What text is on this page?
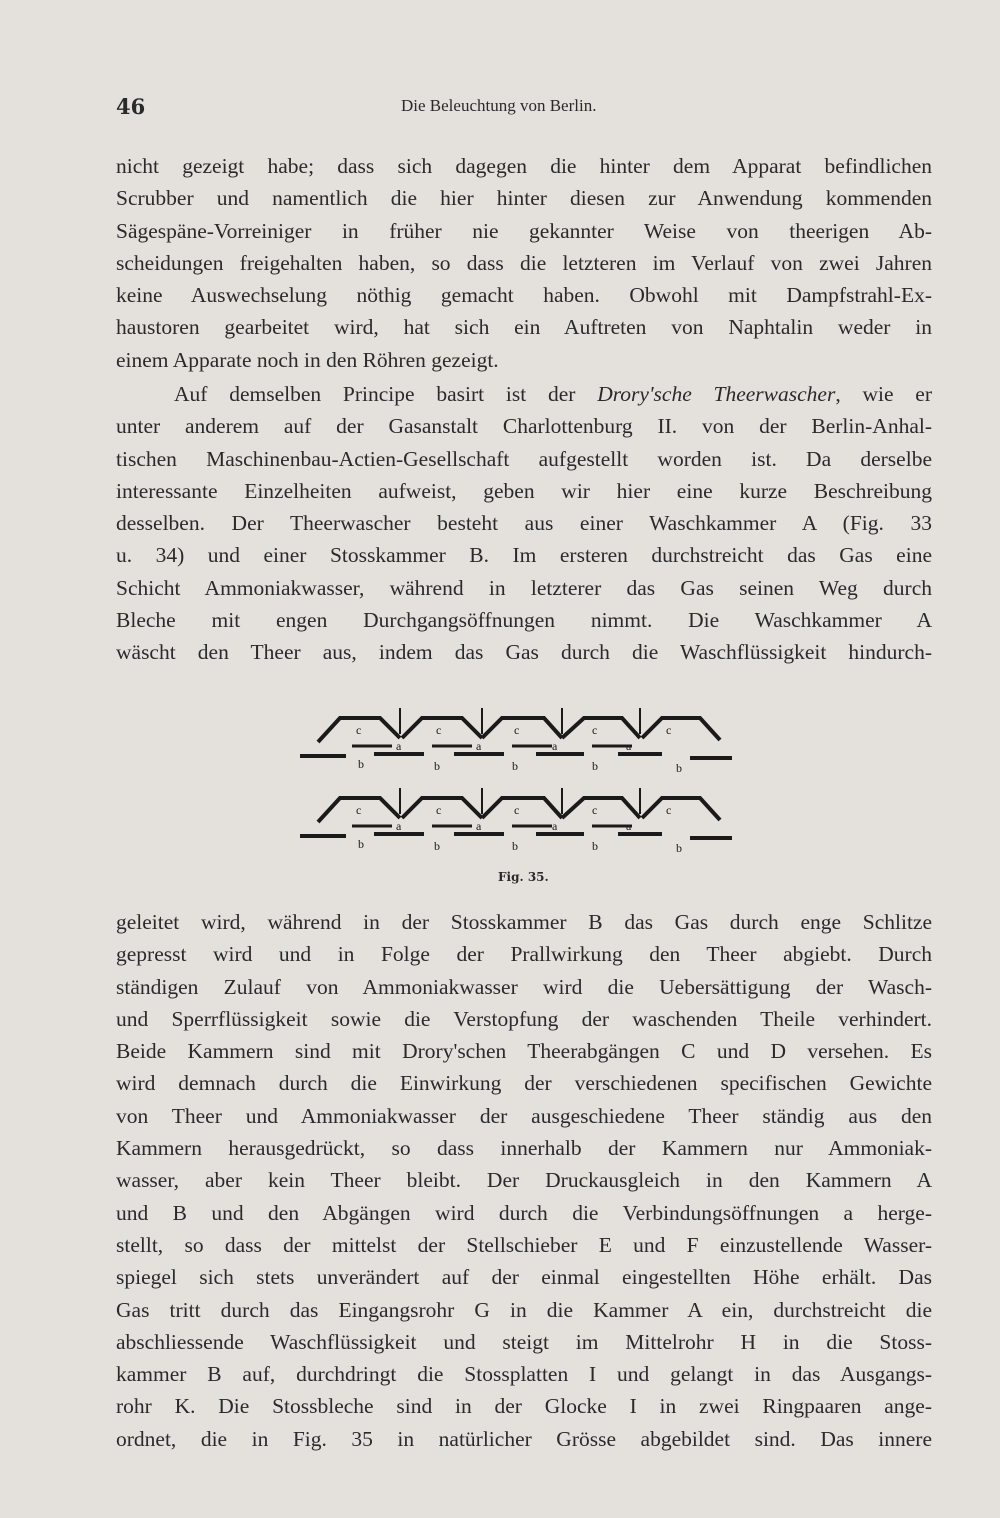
46	Die Beleuchtung von Berlin.
nicht gezeigt habe; dass sich dagegen die hinter dem Apparat befindlichen
Scrubber und namentlich die hier hinter diesen zur Anwendung kommenden
Sägespäne-Vorreiniger in früher nie gekannter Weise von theerigen Ab-
scheidungen freigehalten haben, so dass die letzteren im Verlauf von zwei Jahren
keine Auswechselung nöthig gemacht haben. Obwohl mit Dampfstrahl-Ex-
haustoren gearbeitet wird, hat sich ein Auftreten von Naphtalin weder in
einem Apparate noch in den Röhren gezeigt.
Auf demselben Principe basirt ist der Drory'sche Theerwascher, wie er
unter anderem auf der Gasanstalt Charlottenburg II. von der Berlin-Anhal-
tischen Maschinenbau-Actien-Gesellschaft aufgestellt worden ist. Da derselbe
interessante Einzelheiten aufweist, geben wir hier eine kurze Beschreibung
desselben. Der Theerwascher besteht aus einer Waschkammer A (Fig. 33
u. 34) und einer Stosskammer B. Im ersteren durchstreicht das Gas eine
Schicht Ammoniakwasser, während in letzterer das Gas seinen Weg durch
Bleche mit engen Durchgangsöffnungen nimmt. Die Waschkammer A
wäscht den Theer aus, indem das Gas durch die Waschflüssigkeit hindurch-
c	c	c	c	c
a	a	a	a
b	b	b	b	b
c	c	c	c	c
a	a	a	a
b	b	b	b	b
Fig. 35.
geleitet wird, während in der Stosskammer B das Gas durch enge Schlitze
gepresst wird und in Folge der Prallwirkung den Theer abgiebt. Durch
ständigen Zulauf von Ammoniakwasser wird die Uebersättigung der Wasch-
und Sperrflüssigkeit sowie die Verstopfung der waschenden Theile verhindert.
Beide Kammern sind mit Drory'schen Theerabgängen C und D versehen. Es
wird demnach durch die Einwirkung der verschiedenen specifischen Gewichte
von Theer und Ammoniakwasser der ausgeschiedene Theer ständig aus den
Kammern herausgedrückt, so dass innerhalb der Kammern nur Ammoniak-
wasser, aber kein Theer bleibt. Der Druckausgleich in den Kammern A
und B und den Abgängen wird durch die Verbindungsöffnungen a herge-
stellt, so dass der mittelst der Stellschieber E und F einzustellende Wasser-
spiegel sich stets unverändert auf der einmal eingestellten Höhe erhält. Das
Gas tritt durch das Eingangsrohr G in die Kammer A ein, durchstreicht die
abschliessende Waschflüssigkeit und steigt im Mittelrohr H in die Stoss-
kammer B auf, durchdringt die Stossplatten I und gelangt in das Ausgangs-
rohr K. Die Stossbleche sind in der Glocke I in zwei Ringpaaren ange-
ordnet, die in Fig. 35 in natürlicher Grösse abgebildet sind. Das innere
